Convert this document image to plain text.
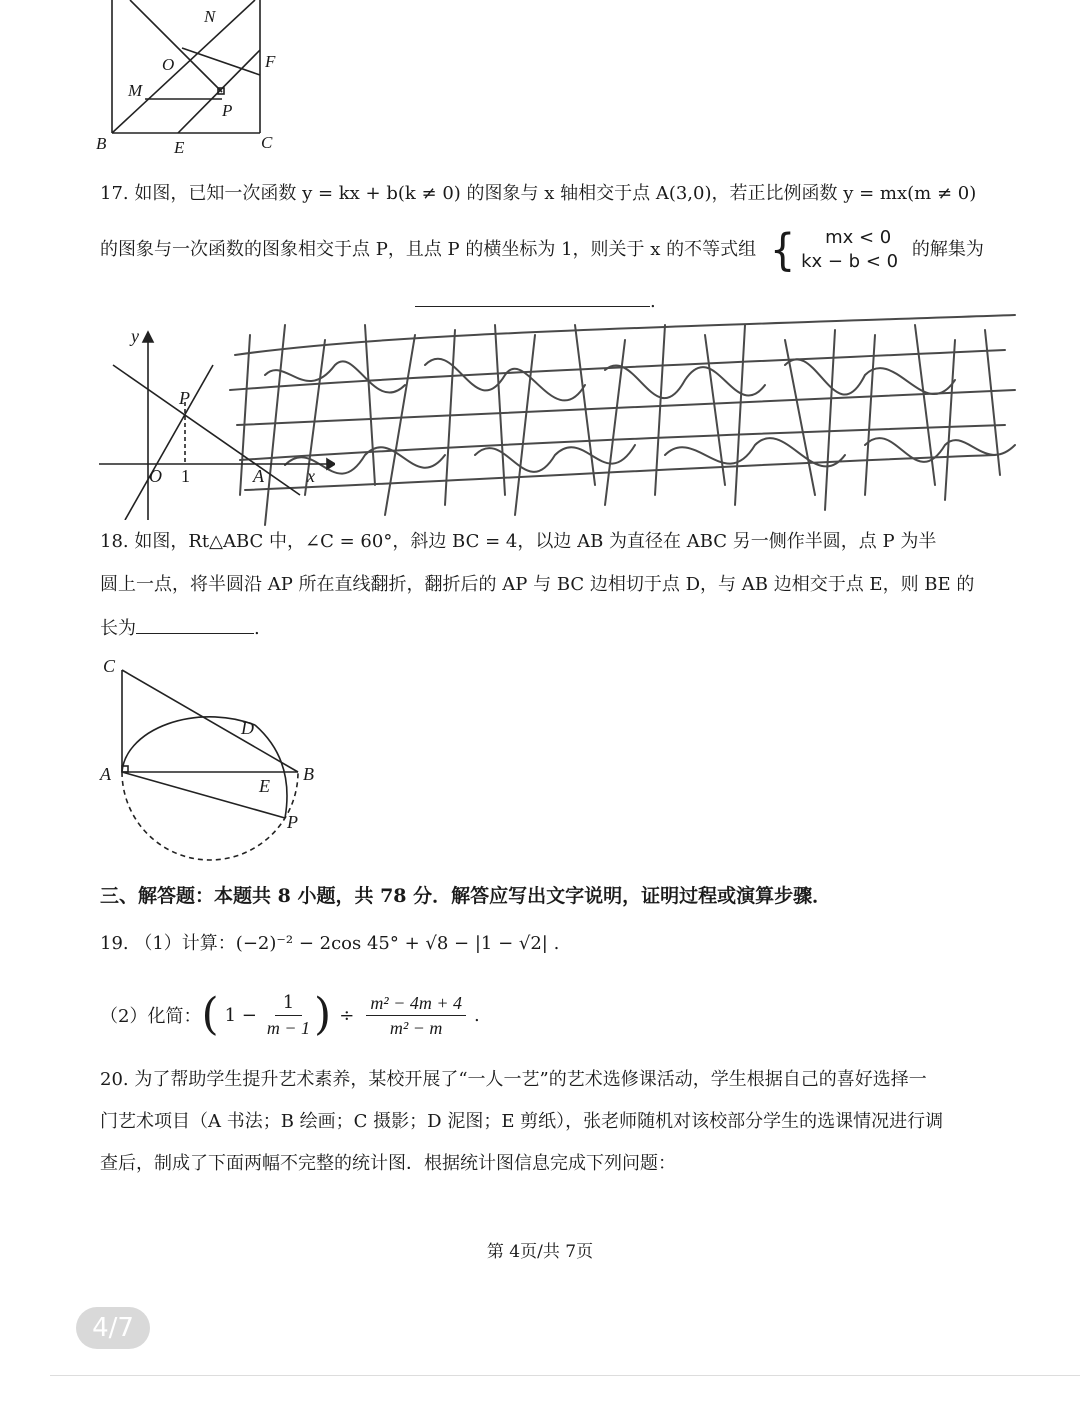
N
O	F
M
P
B	E	C
17. 如图，已知一次函数 y = kx + b(k ≠ 0) 的图象与 x 轴相交于点 A(3,0)，若正比例函数 y = mx(m ≠ 0)
的图象与一次函数的图象相交于点 P，且点 P 的横坐标为 1，则关于 x 的不等式组 {	mx < 0
kx − b < 0
的解集为
.
y
P
O 1	A x
18. 如图，Rt△ABC 中，∠C = 60°，斜边 BC = 4，以边 AB 为直径在 ABC 另一侧作半圆，点 P 为半
圆上一点，将半圆沿 AP 所在直线翻折，翻折后的 AP 与 BC 边相切于点 D，与 AB 边相交于点 E，则 BE 的
长为	.
C
D
A	B
E
P
三、解答题：本题共 8 小题，共 78 分．解答应写出文字说明，证明过程或演算步骤．
19. （1）计算：(−2)⁻² − 2cos 45° + √8 − |1 − √2| .
（2）化简： ( $1 - \frac{1}{m - 1}$ ) ÷ $\frac{\text{m² − 4m + 4}}{\text{m² − m}}$ .
20. 为了帮助学生提升艺术素养，某校开展了“一人一艺”的艺术选修课活动，学生根据自己的喜好选择一
门艺术项目（A 书法；B 绘画；C 摄影；D 泥图；E 剪纸），张老师随机对该校部分学生的选课情况进行调
查后，制成了下面两幅不完整的统计图．根据统计图信息完成下列问题：
第 4页/共 7页
4/7
